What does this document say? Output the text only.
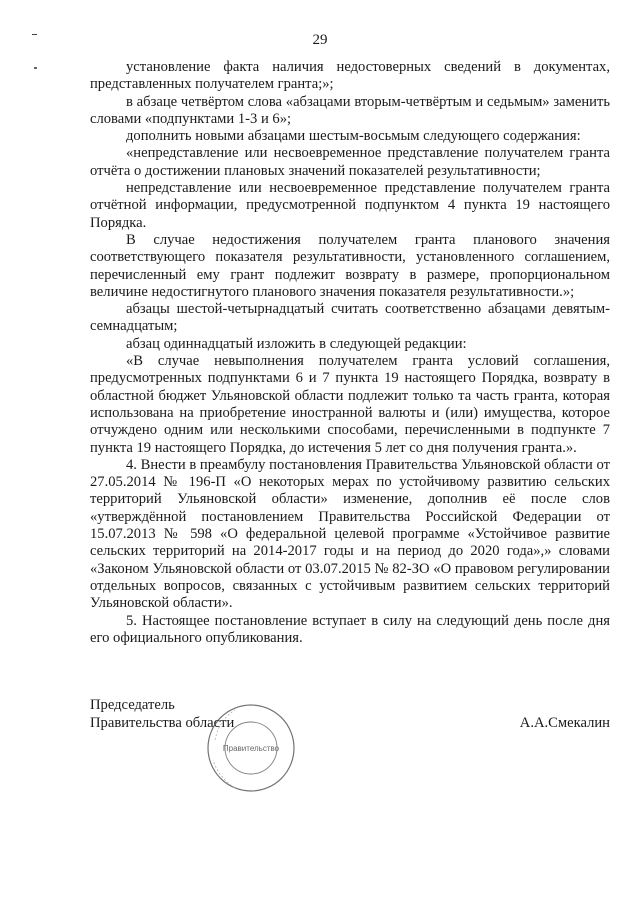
29

установление факта наличия недостоверных сведений в документах, представленных получателем гранта;»;

в абзаце четвёртом слова «абзацами вторым-четвёртым и седьмым» заменить словами «подпунктами 1-3 и 6»;

дополнить новыми абзацами шестым-восьмым следующего содержания:

«непредставление или несвоевременное представление получателем гранта отчёта о достижении плановых значений показателей результативности;

непредставление или несвоевременное представление получателем гранта отчётной информации, предусмотренной подпунктом 4 пункта 19 настоящего Порядка.

В случае недостижения получателем гранта планового значения соответствующего показателя результативности, установленного соглашением, перечисленный ему грант подлежит возврату в размере, пропорциональном величине недостигнутого планового значения показателя результативности.»;

абзацы шестой-четырнадцатый считать соответственно абзацами девятым-семнадцатым;

абзац одиннадцатый изложить в следующей редакции:

«В случае невыполнения получателем гранта условий соглашения, предусмотренных подпунктами 6 и 7 пункта 19 настоящего Порядка, возврату в областной бюджет Ульяновской области подлежит только та часть гранта, которая использована на приобретение иностранной валюты и (или) имущества, которое отчуждено одним или несколькими способами, перечисленными в подпункте 7 пункта 19 настоящего Порядка, до истечения 5 лет со дня получения гранта.».

4. Внести в преамбулу постановления Правительства Ульяновской области от 27.05.2014 № 196-П «О некоторых мерах по устойчивому развитию сельских территорий Ульяновской области» изменение, дополнив её после слов «утверждённой постановлением Правительства Российской Федерации от 15.07.2013 № 598 «О федеральной целевой программе «Устойчивое развитие сельских территорий на 2014-2017 годы и на период до 2020 года»,» словами «Законом Ульяновской области от 03.07.2015 № 82-ЗО «О правовом регулировании отдельных вопросов, связанных с устойчивым развитием сельских территорий Ульяновской области».

5. Настоящее постановление вступает в силу на следующий день после дня его официального опубликования.

Председатель
Правительства области	А.А.Смекалин
Правительство
